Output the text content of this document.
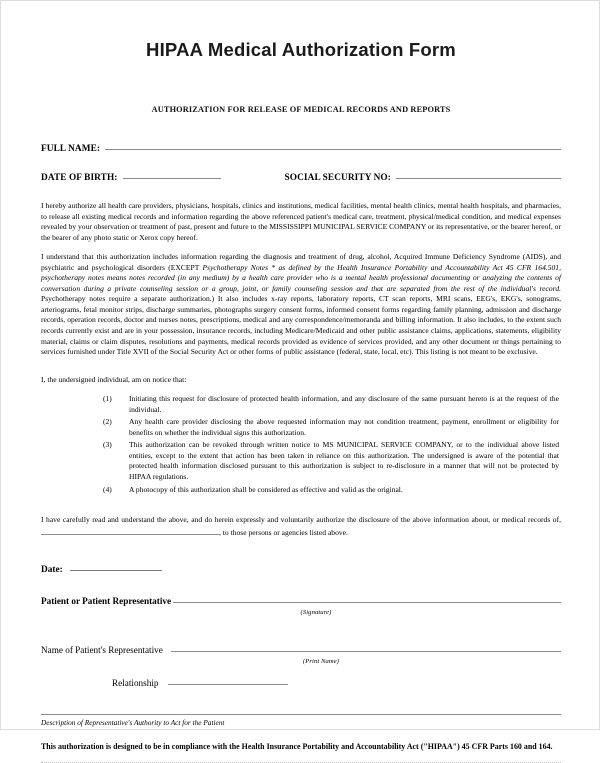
HIPAA Medical Authorization Form

AUTHORIZATION FOR RELEASE OF MEDICAL RECORDS AND REPORTS

FULL NAME:
DATE OF BIRTH:	SOCIAL SECURITY NO:

I hereby authorize all health care providers, physicians, hospitals, clinics and institutions, medical facilities, mental health clinics, mental health hospitals, and pharmacies, to release all existing medical records and information regarding the above referenced patient's medical care, treatment, physical/medical condition, and medical expenses revealed by your observation or treatment of past, present and future to the MISSISSIPPI MUNICIPAL SERVICE COMPANY or its representative, or the bearer hereof, or the bearer of any photo static or Xerox copy hereof.

I understand that this authorization includes information regarding the diagnosis and treatment of drug, alcohol, Acquired Immune Deficiency Syndrome (AIDS), and psychiatric and psychological disorders (EXCEPT Psychotherapy Notes * as defined by the Health Insurance Portability and Accountability Act 45 CFR 164.501, psychotherapy notes means notes recorded (in any medium) by a health care provider who is a mental health professional documenting or analyzing the contents of conversation during a private counseling session or a group, joint, or family counseling session and that are separated from the rest of the individual's record. Psychotherapy notes require a separate authorization.) It also includes x-ray reports, laboratory reports, CT scan reports, MRI scans, EEG's, EKG's, sonograms, arteriograms, fetal monitor strips, discharge summaries, photographs surgery consent forms, informed consent forms regarding family planning, admission and discharge records, operation records, doctor and nurses notes, prescriptions, medical and any correspondence/memoranda and billing information. It also includes, to the extent such records currently exist and are in your possession, insurance records, including Medicare/Medicaid and other public assistance claims, applications, statements, eligibility material, claims or claim disputes, resolutions and payments, medical records provided as evidence of services provided, and any other document or things pertaining to services furnished under Title XVII of the Social Security Act or other forms of public assistance (federal, state, local, etc). This listing is not meant to be exclusive.

I, the undersigned individual, am on notice that:

(1)	Initiating this request for disclosure of protected health information, and any disclosure of the same pursuant hereto is at the request of the individual.
(2)	Any health care provider disclosing the above requested information may not condition treatment, payment, enrollment or eligibility for benefits on whether the individual signs this authorization.
(3)	This authorization can be revoked through written notice to MS MUNICIPAL SERVICE COMPANY, or to the individual above listed entities, except to the extent that action has been taken in reliance on this authorization. The undersigned is aware of the potential that protected health information disclosed pursuant to this authorization is subject to re-disclosure in a manner that will not be protected by HIPAA regulations.
(4)	A photocopy of this authorization shall be considered as effective and valid as the original.

I have carefully read and understand the above, and do herein expressly and voluntarily authorize the disclosure of the above information about, or medical records of, , to those persons or agencies listed above.

Date:
Patient or Patient Representative

(Signature)

Name of Patient's Representative

(Print Name)

Relationship

Description of Representative's Authority to Act for the Patient

This authorization is designed to be in compliance with the Health Insurance Portability and Accountability Act ("HIPAA") 45 CFR Parts 160 and 164.
